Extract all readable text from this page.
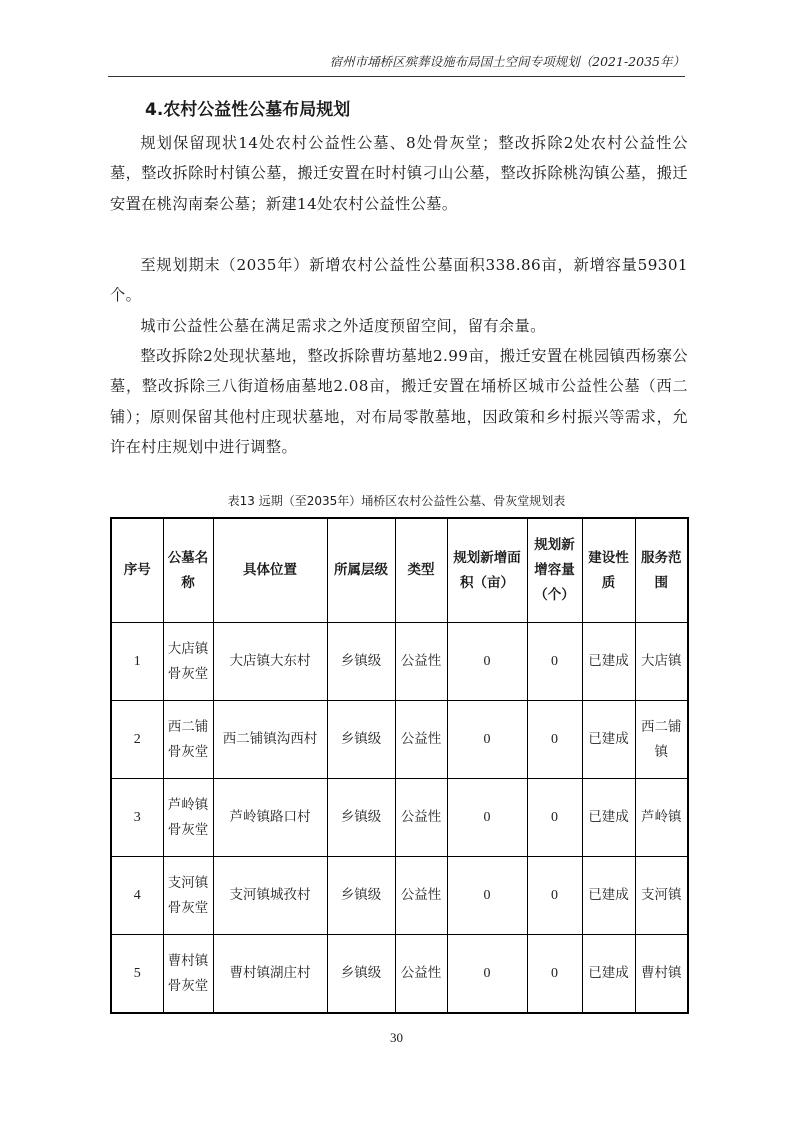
宿州市埇桥区殡葬设施布局国土空间专项规划（2021-2035年）
4.农村公益性公墓布局规划

规划保留现状14处农村公益性公墓、8处骨灰堂；整改拆除2处农村公益性公墓，整改拆除时村镇公墓，搬迁安置在时村镇刁山公墓，整改拆除桃沟镇公墓，搬迁安置在桃沟南秦公墓；新建14处农村公益性公墓。

至规划期末（2035年）新增农村公益性公墓面积338.86亩，新增容量59301个。

城市公益性公墓在满足需求之外适度预留空间，留有余量。

整改拆除2处现状墓地，整改拆除曹坊墓地2.99亩，搬迁安置在桃园镇西杨寨公墓，整改拆除三八街道杨庙墓地2.08亩，搬迁安置在埇桥区城市公益性公墓（西二铺）；原则保留其他村庄现状墓地，对布局零散墓地，因政策和乡村振兴等需求，允许在村庄规划中进行调整。

表13 远期（至2035年）埇桥区农村公益性公墓、骨灰堂规划表
序号	公墓名称	具体位置	所属层级	类型	规划新增面积（亩）	规划新增容量（个）	建设性质	服务范围
1	大店镇骨灰堂	大店镇大东村	乡镇级	公益性	0	0	已建成	大店镇
2	西二铺骨灰堂	西二铺镇沟西村	乡镇级	公益性	0	0	已建成	西二铺镇
3	芦岭镇骨灰堂	芦岭镇路口村	乡镇级	公益性	0	0	已建成	芦岭镇
4	支河镇骨灰堂	支河镇城孜村	乡镇级	公益性	0	0	已建成	支河镇
5	曹村镇骨灰堂	曹村镇湖庄村	乡镇级	公益性	0	0	已建成	曹村镇
30
